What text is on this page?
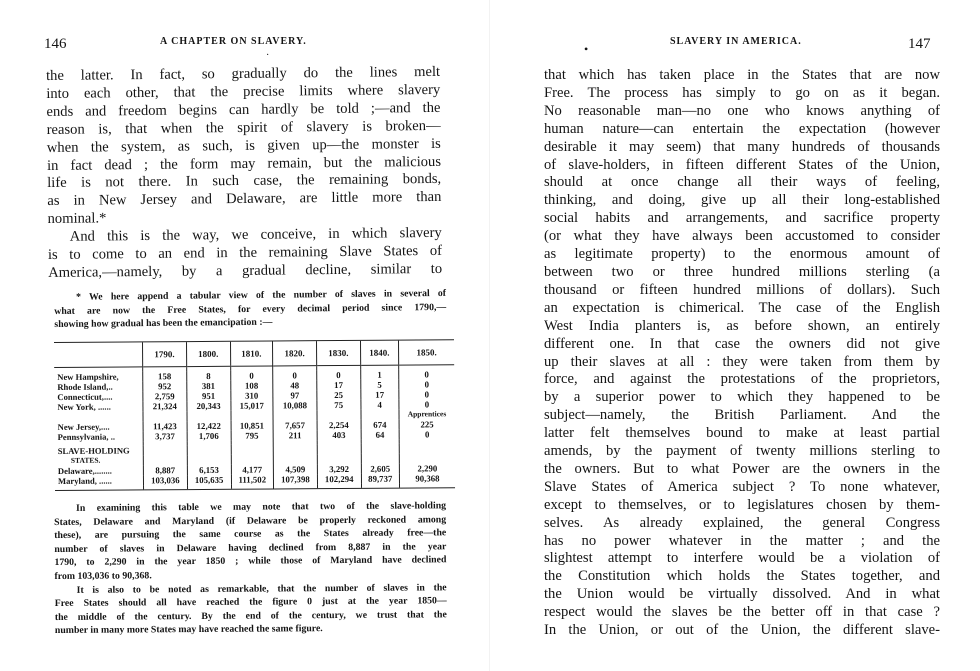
146	A CHAPTER ON SLAVERY.
·
the latter. In fact, so gradually do the lines melt
into each other, that the precise limits where slavery
ends and freedom begins can hardly be told ;—and the
reason is, that when the spirit of slavery is broken—
when the system, as such, is given up—the monster is
in fact dead ; the form may remain, but the malicious
life is not there. In such case, the remaining bonds,
as in New Jersey and Delaware, are little more than
nominal.*
And this is the way, we conceive, in which slavery
is to come to an end in the remaining Slave States of
America,—namely, by a gradual decline, similar to
* We here append a tabular view of the number of slaves in several of
what are now the Free States, for every decimal period since 1790,—
showing how gradual has been the emancipation :—
	1790.	1800.	1810.	1820.	1830.	1840.	1850.

New Hampshire,	158	8	0	0	0	1	0
Rhode Island,..	952	381	108	48	17	5	0
Connecticut,....	2,759	951	310	97	25	17	0
New York, ......	21,324	20,343	15,017	10,088	75	4	0
							Apprentices
New Jersey,....	11,423	12,422	10,851	7,657	2,254	674	225
Pennsylvania, ..	3,737	1,706	795	211	403	64	0

SLAVE-HOLDING							
STATES.							
Delaware,........	8,887	6,153	4,177	4,509	3,292	2,605	2,290
Maryland, ......	103,036	105,635	111,502	107,398	102,294	89,737	90,368

In examining this table we may note that two of the slave-holding
States, Delaware and Maryland (if Delaware be properly reckoned among
these), are pursuing the same course as the States already free—the
number of slaves in Delaware having declined from 8,887 in the year
1790, to 2,290 in the year 1850 ; while those of Maryland have declined
from 103,036 to 90,368.
It is also to be noted as remarkable, that the number of slaves in the
Free States should all have reached the figure 0 just at the year 1850—
the middle of the century. By the end of the century, we trust that the
number in many more States may have reached the same figure.
•
SLAVERY IN AMERICA.	147
that which has taken place in the States that are now
Free. The process has simply to go on as it began.
No reasonable man—no one who knows anything of
human nature—can entertain the expectation (however
desirable it may seem) that many hundreds of thousands
of slave-holders, in fifteen different States of the Union,
should at once change all their ways of feeling,
thinking, and doing, give up all their long-established
social habits and arrangements, and sacrifice property
(or what they have always been accustomed to consider
as legitimate property) to the enormous amount of
between two or three hundred millions sterling (a
thousand or fifteen hundred millions of dollars). Such
an expectation is chimerical. The case of the English
West India planters is, as before shown, an entirely
different one. In that case the owners did not give
up their slaves at all : they were taken from them by
force, and against the protestations of the proprietors,
by a superior power to which they happened to be
subject—namely, the British Parliament. And the
latter felt themselves bound to make at least partial
amends, by the payment of twenty millions sterling to
the owners. But to what Power are the owners in the
Slave States of America subject ? To none whatever,
except to themselves, or to legislatures chosen by them-
selves. As already explained, the general Congress
has no power whatever in the matter ; and the
slightest attempt to interfere would be a violation of
the Constitution which holds the States together, and
the Union would be virtually dissolved. And in what
respect would the slaves be the better off in that case ?
In the Union, or out of the Union, the different slave-
